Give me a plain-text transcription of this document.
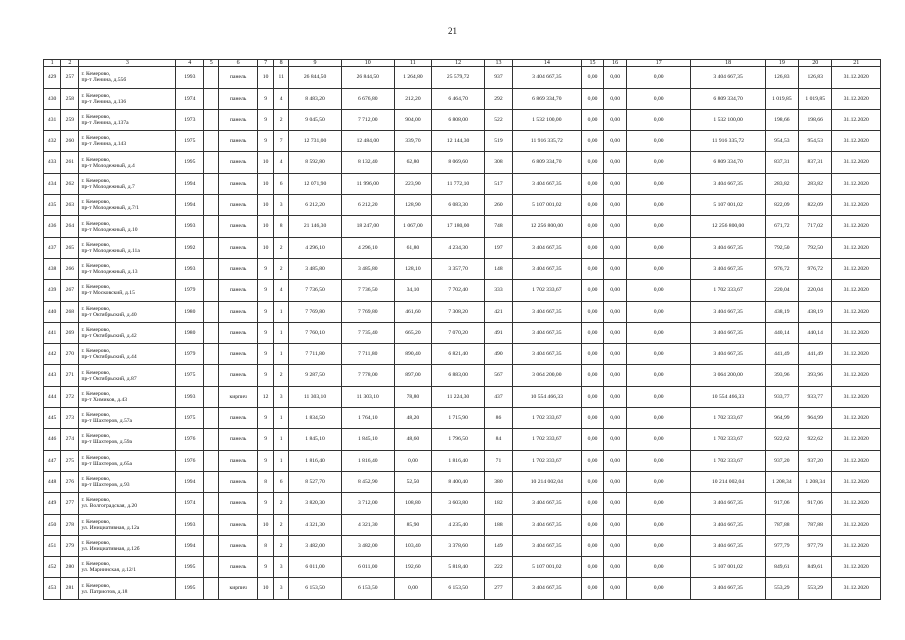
21
1	2	3	4	5	6	7	8	9	10	11	12	13	14	15	16	17	18	19	20	21
429	257	г. Кемерово,
пр-т Ленина, д.55б	1993		панель	10	11	26 844,50	26 844,50	1 264,80	25 579,72	937	3 404 667,35	0,00	0,00	0,00	3 404 667,35	126,83	126,83	31.12.2020
430	258	г. Кемерово,
пр-т Ленина, д.136	1974		панель	9	4	8 483,20	6 676,80	212,20	6 464,70	292	6 869 334,70	0,00	0,00	0,00	6 809 334,70	1 019,85	1 019,85	31.12.2020
431	259	г. Кемерово,
пр-т Ленина, д.137а	1973		панель	9	2	9 045,50	7 712,00	904,00	6 808,00	522	1 532 100,00	0,00	0,00	0,00	1 532 100,00	198,66	198,66	31.12.2020
432	260	г. Кемерово,
пр-т Ленина, д.143	1975		панель	9	7	12 731,00	12 484,00	339,70	12 144,30	519	11 916 335,72	0,00	0,00	0,00	11 916 335,72	954,53	954,53	31.12.2020
433	261	г. Кемерово,
пр-т Молодежный, д.4	1995		панель	10	4	8 592,80	8 132,40	62,80	8 069,60	308	6 809 334,70	0,00	0,00	0,00	6 809 334,70	837,31	837,31	31.12.2020
434	262	г. Кемерово,
пр-т Молодежный, д.7	1994		панель	10	6	12 071,90	11 996,00	223,90	11 772,10	517	3 404 667,35	0,00	0,00	0,00	3 404 667,35	283,82	283,82	31.12.2020
435	263	г. Кемерово,
пр-т Молодежный, д.7/1	1994		панель	10	3	6 212,20	6 212,20	128,90	6 083,30	260	5 107 001,02	0,00	0,00	0,00	5 107 001,02	822,09	822,09	31.12.2020
436	264	г. Кемерово,
пр-т Молодежный, д.10	1993		панель	10	8	21 146,30	18 247,00	1 067,00	17 180,00	748	12 256 800,00	0,00	0,00	0,00	12 256 800,00	671,72	717,02	31.12.2020
437	265	г. Кемерово,
пр-т Молодежный, д.11а	1992		панель	10	2	4 296,10	4 296,10	61,80	4 234,30	197	3 404 667,35	0,00	0,00	0,00	3 404 667,35	792,50	792,50	31.12.2020
438	266	г. Кемерово,
пр-т Молодежный, д.13	1993		панель	9	2	3 485,80	3 485,80	128,10	3 357,70	148	3 404 667,35	0,00	0,00	0,00	3 404 667,35	976,72	976,72	31.12.2020
439	267	г. Кемерово,
пр-т Московский, д.15	1979		панель	9	4	7 736,50	7 736,50	34,10	7 702,40	333	1 702 333,67	0,00	0,00	0,00	1 702 333,67	220,04	220,04	31.12.2020
440	268	г. Кемерово,
пр-т Октябрьский, д.40	1980		панель	9	1	7 769,80	7 769,80	461,60	7 308,20	421	3 404 667,35	0,00	0,00	0,00	3 404 667,35	438,19	438,19	31.12.2020
441	269	г. Кемерово,
пр-т Октябрьский, д.42	1980		панель	9	1	7 760,10	7 735,40	665,20	7 070,20	491	3 404 667,35	0,00	0,00	0,00	3 404 667,35	440,14	440,14	31.12.2020
442	270	г. Кемерово,
пр-т Октябрьский, д.44	1979		панель	9	1	7 711,80	7 711,80	890,40	6 821,40	490	3 404 667,35	0,00	0,00	0,00	3 404 667,35	441,49	441,49	31.12.2020
443	271	г. Кемерово,
пр-т Октябрьский, д.87	1975		панель	9	2	9 287,50	7 778,00	897,00	6 883,00	567	3 064 200,00	0,00	0,00	0,00	3 064 200,00	393,96	393,96	31.12.2020
444	272	г. Кемерово,
пр-т Химиков, д.43	1993		кирпич	12	3	11 303,10	11 303,10	78,80	11 224,30	437	10 554 466,33	0,00	0,00	0,00	10 554 466,33	933,77	933,77	31.12.2020
445	273	г. Кемерово,
пр-т Шахтеров, д.57а	1975		панель	9	1	1 834,50	1 764,10	48,20	1 715,90	86	1 702 333,67	0,00	0,00	0,00	1 702 333,67	964,99	964,99	31.12.2020
446	274	г. Кемерово,
пр-т Шахтеров, д.59а	1976		панель	9	1	1 845,10	1 845,10	48,60	1 796,50	84	1 702 333,67	0,00	0,00	0,00	1 702 333,67	922,62	922,62	31.12.2020
447	275	г. Кемерово,
пр-т Шахтеров, д.65а	1976		панель	9	1	1 816,40	1 816,40	0,00	1 816,40	71	1 702 333,67	0,00	0,00	0,00	1 702 333,67	937,20	937,20	31.12.2020
448	276	г. Кемерово,
пр-т Шахтеров, д.93	1994		панель	8	6	8 527,70	8 452,90	52,50	8 400,40	380	10 214 002,04	0,00	0,00	0,00	10 214 002,04	1 208,34	1 208,34	31.12.2020
449	277	г. Кемерово,
ул. Волгоградская, д.20	1974		панель	9	2	3 820,30	3 712,00	108,80	3 603,80	182	3 404 667,35	0,00	0,00	0,00	3 404 667,35	917,06	917,06	31.12.2020
450	278	г. Кемерово,
ул. Инициативная, д.12а	1993		панель	10	2	4 321,30	4 321,30	85,90	4 235,40	188	3 404 667,35	0,00	0,00	0,00	3 404 667,35	787,88	787,88	31.12.2020
451	279	г. Кемерово,
ул. Инициативная, д.12б	1994		панель	8	2	3 482,00	3 482,00	103,40	3 378,60	149	3 404 667,35	0,00	0,00	0,00	3 404 667,35	977,79	977,79	31.12.2020
452	280	г. Кемерово,
ул. Мариинская, д.12/1	1995		панель	9	3	6 011,00	6 011,00	192,60	5 818,40	222	5 107 001,02	0,00	0,00	0,00	5 107 001,02	849,61	849,61	31.12.2020
453	281	г. Кемерово,
ул. Патриотов, д.18	1995		кирпич	10	3	6 153,50	6 153,50	0,00	6 153,50	277	3 404 667,35	0,00	0,00	0,00	3 404 667,35	553,29	553,29	31.12.2020
